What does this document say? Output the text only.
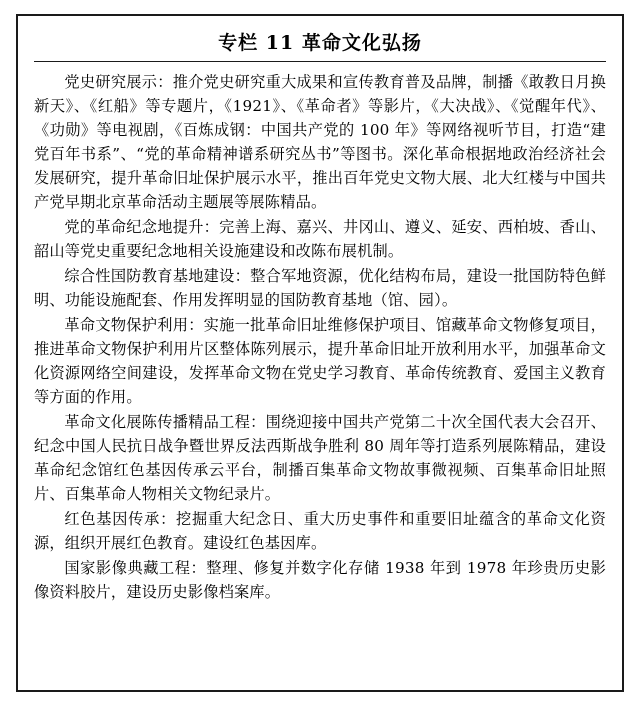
专栏 11 革命文化弘扬

党史研究展示：推介党史研究重大成果和宣传教育普及品牌，制播《敢教日月换新天》、《红船》等专题片，《1921》、《革命者》等影片，《大决战》、《觉醒年代》、《功勋》等电视剧，《百炼成钢：中国共产党的 100 年》等网络视听节目，打造“建党百年书系”、“党的革命精神谱系研究丛书”等图书。深化革命根据地政治经济社会发展研究，提升革命旧址保护展示水平，推出百年党史文物大展、北大红楼与中国共产党早期北京革命活动主题展等展陈精品。

党的革命纪念地提升：完善上海、嘉兴、井冈山、遵义、延安、西柏坡、香山、韶山等党史重要纪念地相关设施建设和改陈布展机制。

综合性国防教育基地建设：整合军地资源，优化结构布局，建设一批国防特色鲜明、功能设施配套、作用发挥明显的国防教育基地（馆、园）。

革命文物保护利用：实施一批革命旧址维修保护项目、馆藏革命文物修复项目，推进革命文物保护利用片区整体陈列展示，提升革命旧址开放利用水平，加强革命文化资源网络空间建设，发挥革命文物在党史学习教育、革命传统教育、爱国主义教育等方面的作用。

革命文化展陈传播精品工程：围绕迎接中国共产党第二十次全国代表大会召开、纪念中国人民抗日战争暨世界反法西斯战争胜利 80 周年等打造系列展陈精品，建设革命纪念馆红色基因传承云平台，制播百集革命文物故事微视频、百集革命旧址照片、百集革命人物相关文物纪录片。

红色基因传承：挖掘重大纪念日、重大历史事件和重要旧址蕴含的革命文化资源，组织开展红色教育。建设红色基因库。

国家影像典藏工程：整理、修复并数字化存储 1938 年到 1978 年珍贵历史影像资料胶片，建设历史影像档案库。
